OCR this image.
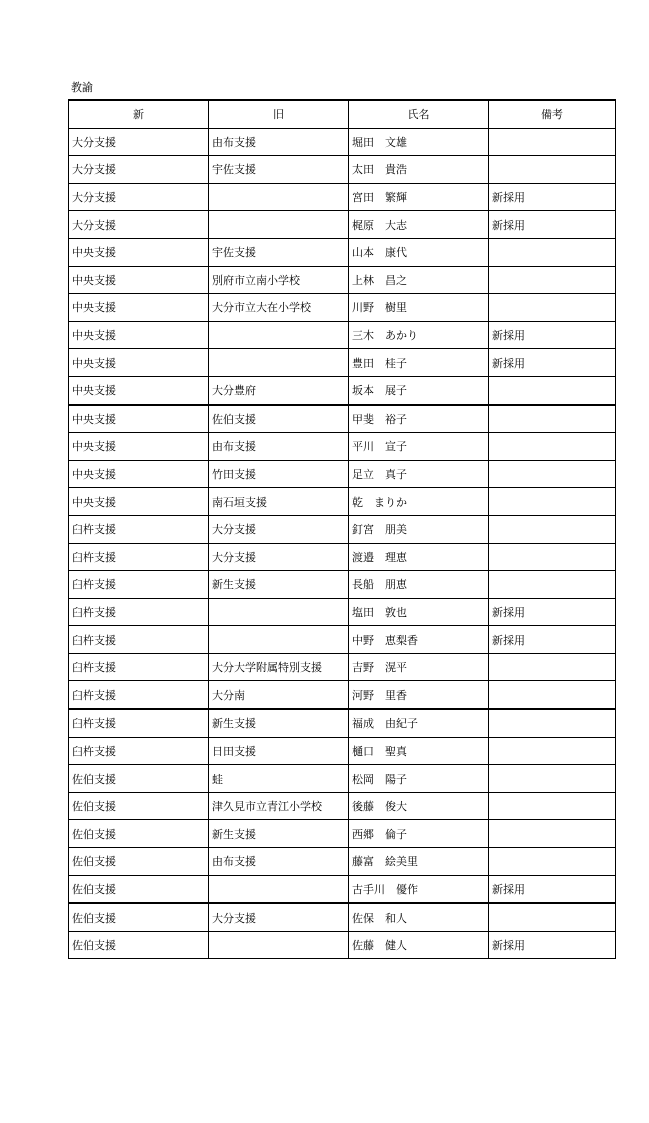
教諭
新	旧	氏名	備考
大分支援	由布支援	堀田　文雄	
大分支援	宇佐支援	太田　貴浩	
大分支援		宮田　繁輝	新採用
大分支援		梶原　大志	新採用
中央支援	宇佐支援	山本　康代	
中央支援	別府市立南小学校	上林　昌之	
中央支援	大分市立大在小学校	川野　樹里	
中央支援		三木　あかり	新採用
中央支援		豊田　桂子	新採用
中央支援	大分豊府	坂本　展子	
中央支援	佐伯支援	甲斐　裕子	
中央支援	由布支援	平川　宣子	
中央支援	竹田支援	足立　真子	
中央支援	南石垣支援	乾　まりか	
臼杵支援	大分支援	釘宮　朋美	
臼杵支援	大分支援	渡邉　理恵	
臼杵支援	新生支援	長船　朋恵	
臼杵支援		塩田　敦也	新採用
臼杵支援		中野　恵梨香	新採用
臼杵支援	大分大学附属特別支援	吉野　滉平	
臼杵支援	大分南	河野　里香	
臼杵支援	新生支援	福成　由紀子	
臼杵支援	日田支援	樋口　聖真	
佐伯支援	蛙	松岡　陽子	
佐伯支援	津久見市立青江小学校	後藤　俊大	
佐伯支援	新生支援	西郷　倫子	
佐伯支援	由布支援	藤富　絵美里	
佐伯支援		古手川　優作	新採用
佐伯支援	大分支援	佐保　和人	
佐伯支援		佐藤　健人	新採用
